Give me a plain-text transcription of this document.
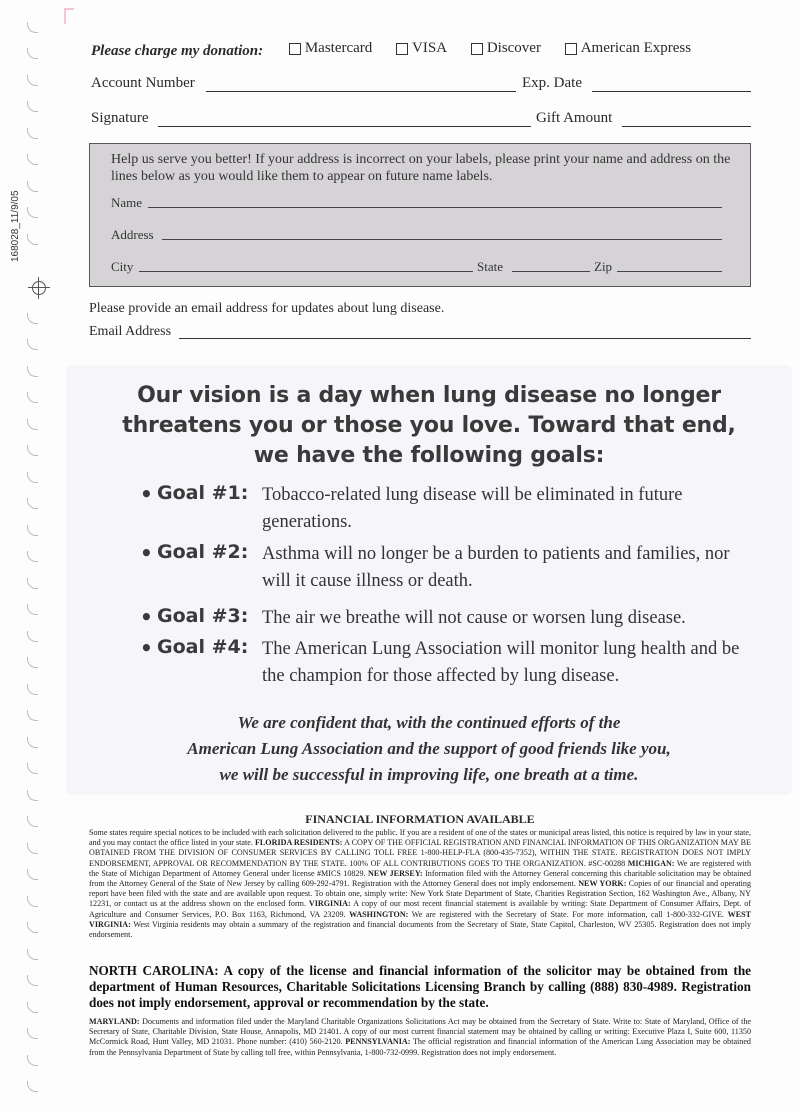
168028_11/9/05
Please charge my donation:	Mastercard
	VISA
	Discover
	American Express
Account Number	Exp. Date
Signature	Gift Amount
Help us serve you better! If your address is incorrect on your labels, please print your name and address on the lines below as you would like them to appear on future name labels.
Name
Address
City	State	Zip
Please provide an email address for updates about lung disease.
Email Address
Our vision is a day when lung disease no longer
threatens you or those you love. Toward that end,
we have the following goals:
• Goal #1: Tobacco-related lung disease will be eliminated in future generations.
• Goal #2: Asthma will no longer be a burden to patients and families, nor will it cause illness or death.
• Goal #3: The air we breathe will not cause or worsen lung disease.
• Goal #4: The American Lung Association will monitor lung health and be the champion for those affected by lung disease.
We are confident that, with the continued efforts of the
American Lung Association and the support of good friends like you,
we will be successful in improving life, one breath at a time.
FINANCIAL INFORMATION AVAILABLE
Some states require special notices to be included with each solicitation delivered to the public. If you are a resident of one of the states or municipal areas listed, this notice is required by law in your state, and you may contact the office listed in your state. FLORIDA RESIDENTS: A COPY OF THE OFFICIAL REGISTRATION AND FINANCIAL INFORMATION OF THIS ORGANIZATION MAY BE OBTAINED FROM THE DIVISION OF CONSUMER SERVICES BY CALLING TOLL FREE 1-800-HELP-FLA (800-435-7352), WITHIN THE STATE. REGISTRATION DOES NOT IMPLY ENDORSEMENT, APPROVAL OR RECOMMENDATION BY THE STATE. 100% OF ALL CONTRIBUTIONS GOES TO THE ORGANIZATION. #SC-00288 MICHIGAN: We are registered with the State of Michigan Department of Attorney General under license #MICS 10829. NEW JERSEY: Information filed with the Attorney General concerning this charitable solicitation may be obtained from the Attorney General of the State of New Jersey by calling 609-292-4791. Registration with the Attorney General does not imply endorsement. NEW YORK: Copies of our financial and operating report have been filed with the state and are available upon request. To obtain one, simply write: New York State Department of State, Charities Registration Section, 162 Washington Ave., Albany, NY 12231, or contact us at the address shown on the enclosed form. VIRGINIA: A copy of our most recent financial statement is available by writing: State Department of Consumer Affairs, Dept. of Agriculture and Consumer Services, P.O. Box 1163, Richmond, VA 23209. WASHINGTON: We are registered with the Secretary of State. For more information, call 1-800-332-GIVE. WEST VIRGINIA: West Virginia residents may obtain a summary of the registration and financial documents from the Secretary of State, State Capitol, Charleston, WV 25305. Registration does not imply endorsement.
NORTH CAROLINA: A copy of the license and financial information of the solicitor may be obtained from the department of Human Resources, Charitable Solicitations Licensing Branch by calling (888) 830-4989. Registration does not imply endorsement, approval or recommendation by the state.
MARYLAND: Documents and information filed under the Maryland Charitable Organizations Solicitations Act may be obtained from the Secretary of State. Write to: State of Maryland, Office of the Secretary of State, Charitable Division, State House, Annapolis, MD 21401. A copy of our most current financial statement may be obtained by calling or writing: Executive Plaza I, Suite 600, 11350 McCormick Road, Hunt Valley, MD 21031. Phone number: (410) 560-2120. PENNSYLVANIA: The official registration and financial information of the American Lung Association may be obtained from the Pennsylvania Department of State by calling toll free, within Pennsylvania, 1-800-732-0999. Registration does not imply endorsement.
